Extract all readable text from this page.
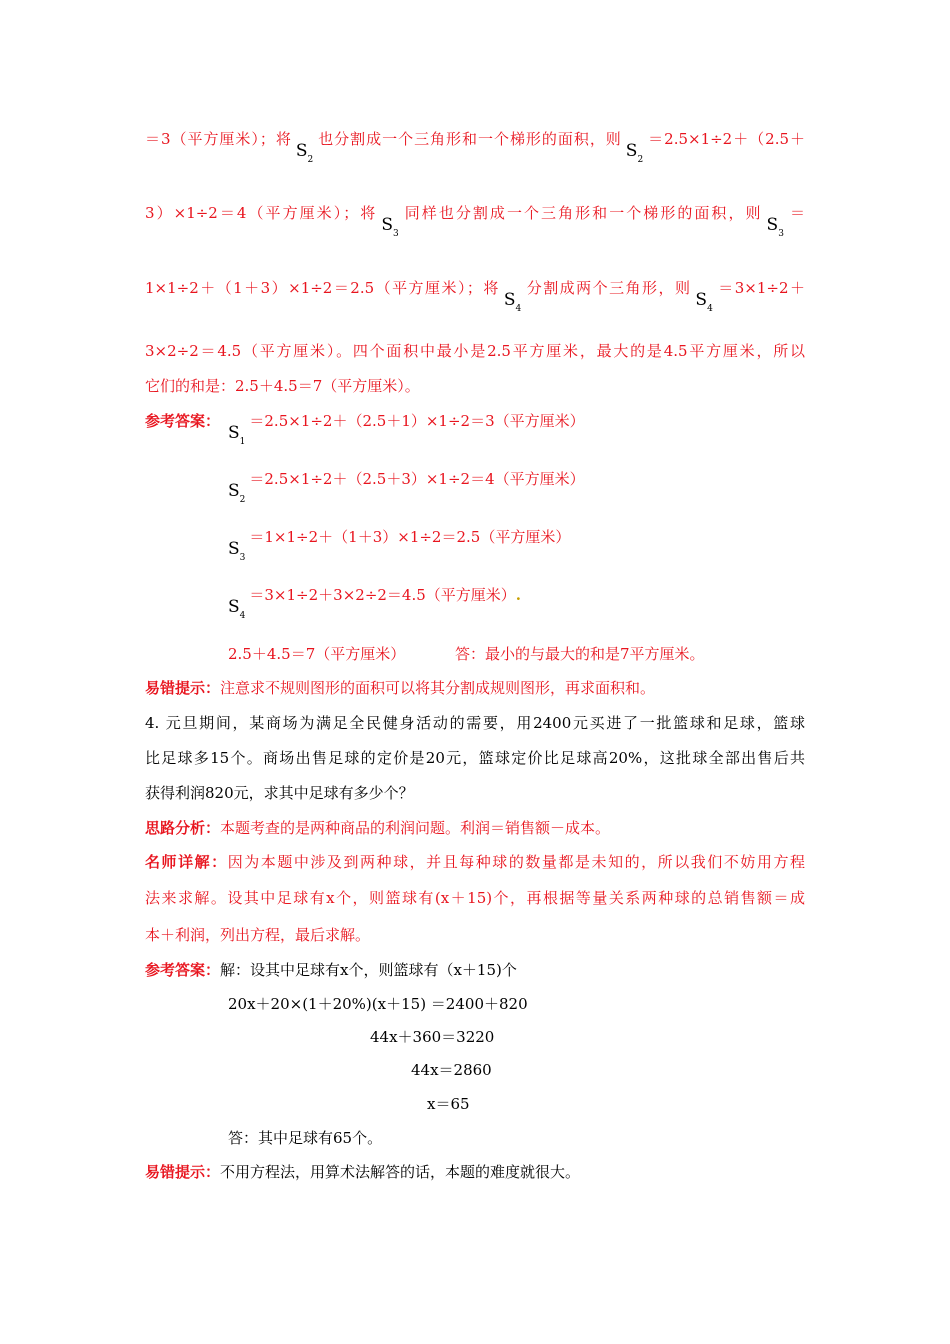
＝3（平方厘米）；将$S_2$也分割成一个三角形和一个梯形的面积，则$S_2=2.5\times 1\div 2+(2.5+$
3）×1÷2＝4（平方厘米）；将$S_3$同样也分割成一个三角形和一个梯形的面积，则$S_3=$
1×1÷2＋（1＋3）×1÷2＝2.5（平方厘米）；将$S_4$分割成两个三角形，则$S_4=3\times 1\div 2+$
3×2÷2＝4.5（平方厘米）。四个面积中最小是2.5平方厘米，最大的是4.5平方厘米，所以
它们的和是：2.5＋4.5＝7（平方厘米）。
参考答案：
$S_1=2.5\times 1\div 2+(2.5+1)\times 1\div 2=3$（平方厘米）
$S_2=2.5\times 1\div 2+(2.5+3)\times 1\div 2=4$（平方厘米）
$S_3=1\times 1\div 2+(1+3)\times 1\div 2=2.5$（平方厘米）
$S_4=3\times 1\div 2+3\times 2\div 2=4.5$（平方厘米）.
2.5＋4.5＝7（平方厘米）	答：最小的与最大的和是7平方厘米。
易错提示：注意求不规则图形的面积可以将其分割成规则图形，再求面积和。
4. 元旦期间，某商场为满足全民健身活动的需要，用2400元买进了一批篮球和足球，篮球
比足球多15个。商场出售足球的定价是20元，篮球定价比足球高20%，这批球全部出售后共
获得利润820元，求其中足球有多少个？
思路分析：本题考查的是两种商品的利润问题。利润＝销售额－成本。
名师详解：因为本题中涉及到两种球，并且每种球的数量都是未知的，所以我们不妨用方程
法来求解。设其中足球有x个，则篮球有(x＋15)个，再根据等量关系两种球的总销售额＝成
本＋利润，列出方程，最后求解。
参考答案：解：设其中足球有x个，则篮球有（x＋15)个
20x＋20×(1＋20%)(x＋15) ＝2400＋820
44x＋360＝3220
44x＝2860
x＝65
答：其中足球有65个。
易错提示：不用方程法，用算术法解答的话，本题的难度就很大。
